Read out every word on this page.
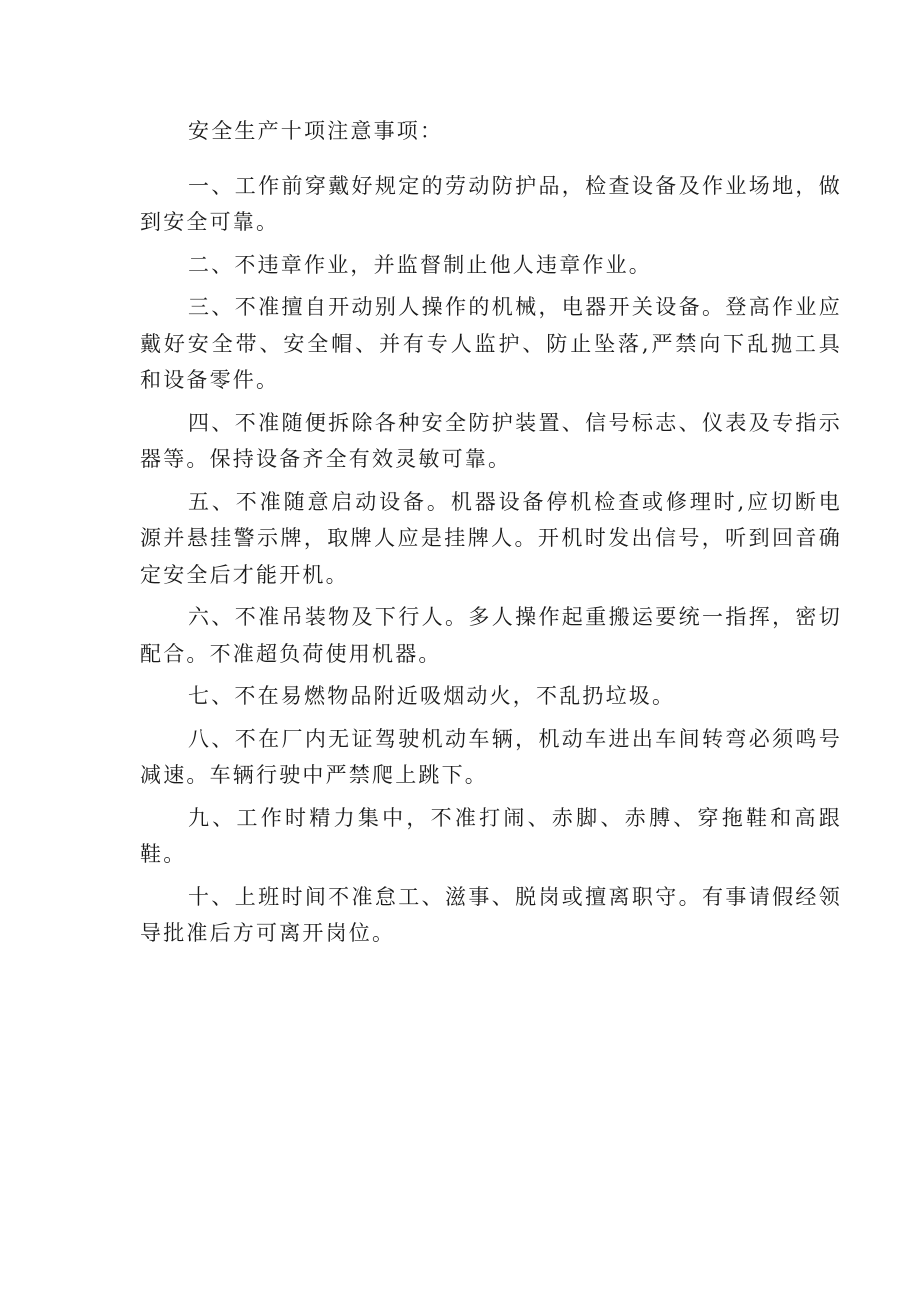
安全生产十项注意事项：

一、工作前穿戴好规定的劳动防护品，检查设备及作业场地，做到安全可靠。

二、不违章作业，并监督制止他人违章作业。

三、不准擅自开动别人操作的机械，电器开关设备。登高作业应戴好安全带、安全帽、并有专人监护、防止坠落,严禁向下乱抛工具和设备零件。

四、不准随便拆除各种安全防护装置、信号标志、仪表及专指示器等。保持设备齐全有效灵敏可靠。

五、不准随意启动设备。机器设备停机检查或修理时,应切断电源并悬挂警示牌，取牌人应是挂牌人。开机时发出信号，听到回音确定安全后才能开机。

六、不准吊装物及下行人。多人操作起重搬运要统一指挥，密切配合。不准超负荷使用机器。

七、不在易燃物品附近吸烟动火，不乱扔垃圾。

八、不在厂内无证驾驶机动车辆，机动车进出车间转弯必须鸣号减速。车辆行驶中严禁爬上跳下。

九、工作时精力集中，不准打闹、赤脚、赤膊、穿拖鞋和高跟鞋。

十、上班时间不准怠工、滋事、脱岗或擅离职守。有事请假经领导批准后方可离开岗位。
